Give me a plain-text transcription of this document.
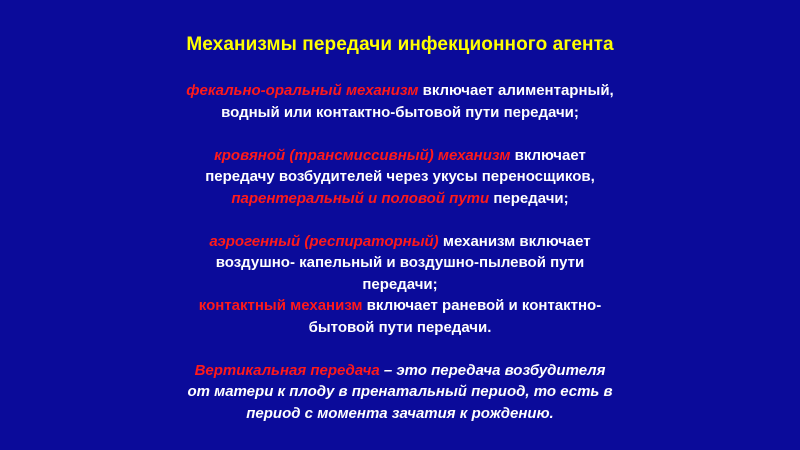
Механизмы передачи инфекционного агента
фекально-оральный механизм включает алиментарный,
водный или контактно-бытовой пути передачи;
кровяной (трансмиссивный) механизм включает
передачу возбудителей через укусы переносщиков,
парентеральный и половой пути передачи;
аэрогенный (респираторный) механизм включает
воздушно- капельный и воздушно-пылевой пути
передачи;
контактный механизм включает раневой и контактно-
бытовой пути передачи.
Вертикальная передача – это передача возбудителя
от матери к плоду в пренатальный период, то есть в
период с момента зачатия к рождению.
